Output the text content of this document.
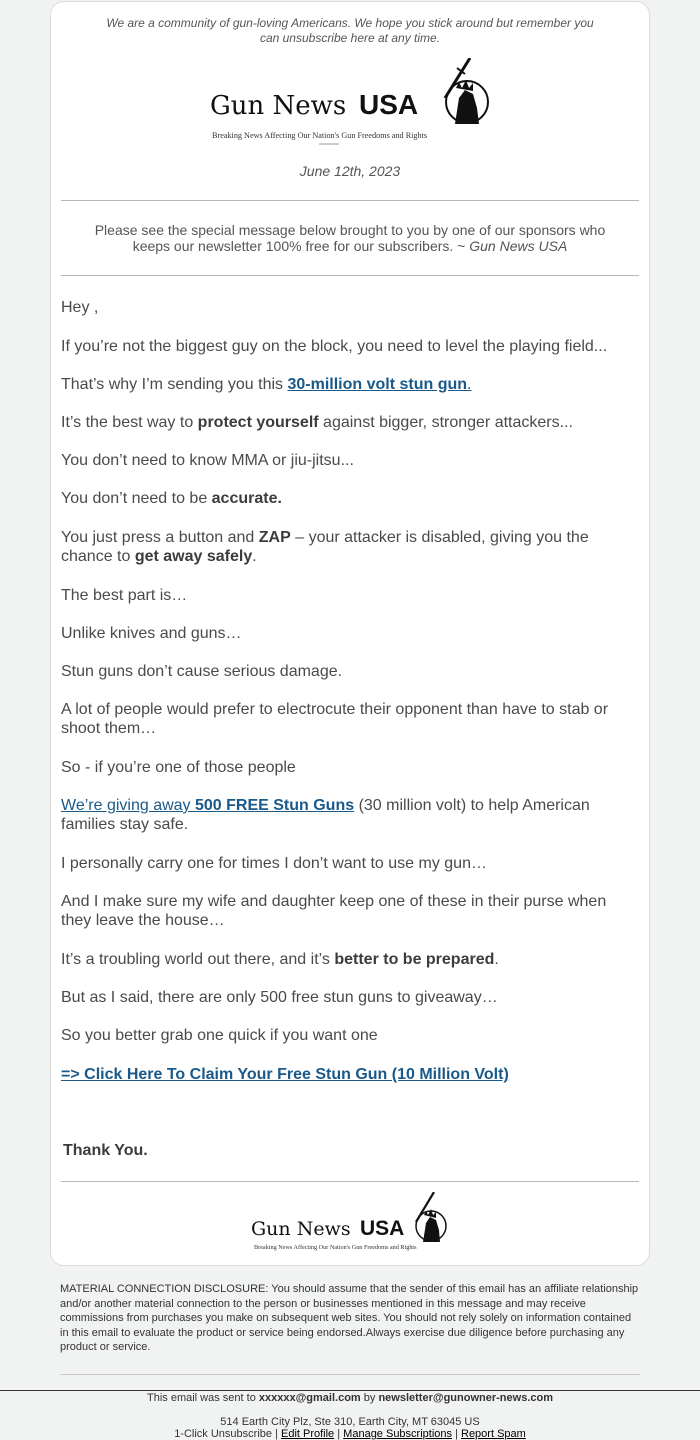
We are a community of gun-loving Americans. We hope you stick around but remember you can unsubscribe here at any time.
Gun News USA
Breaking News Affecting Our Nation's Gun Freedoms and Rights
June 12th, 2023
Please see the special message below brought to you by one of our sponsors who keeps our newsletter 100% free for our subscribers. ~ Gun News USA
Hey ,
If you’re not the biggest guy on the block, you need to level the playing field...
That’s why I’m sending you this 30-million volt stun gun.
It’s the best way to protect yourself against bigger, stronger attackers...
You don’t need to know MMA or jiu-jitsu...
You don’t need to be accurate.
You just press a button and ZAP – your attacker is disabled, giving you the chance to get away safely.
The best part is…
Unlike knives and guns…
Stun guns don’t cause serious damage.
A lot of people would prefer to electrocute their opponent than have to stab or shoot them…
So - if you’re one of those people
We’re giving away 500 FREE Stun Guns (30 million volt) to help American families stay safe.
I personally carry one for times I don’t want to use my gun…
And I make sure my wife and daughter keep one of these in their purse when they leave the house…
It’s a troubling world out there, and it’s better to be prepared.
But as I said, there are only 500 free stun guns to giveaway…
So you better grab one quick if you want one
=> Click Here To Claim Your Free Stun Gun (10 Million Volt)
Thank You.
Gun News USA
Breaking News Affecting Our Nation's Gun Freedoms and Rights
MATERIAL CONNECTION DISCLOSURE: You should assume that the sender of this email has an affiliate relationship and/or another material connection to the person or businesses mentioned in this message and may receive commissions from purchases you make on subsequent web sites. You should not rely solely on information contained in this email to evaluate the product or service being endorsed.Always exercise due diligence before purchasing any product or service.
This email was sent to xxxxxx@gmail.com by newsletter@gunowner-news.com
514 Earth City Plz, Ste 310, Earth City, MT 63045 US
1-Click Unsubscribe | Edit Profile | Manage Subscriptions | Report Spam
